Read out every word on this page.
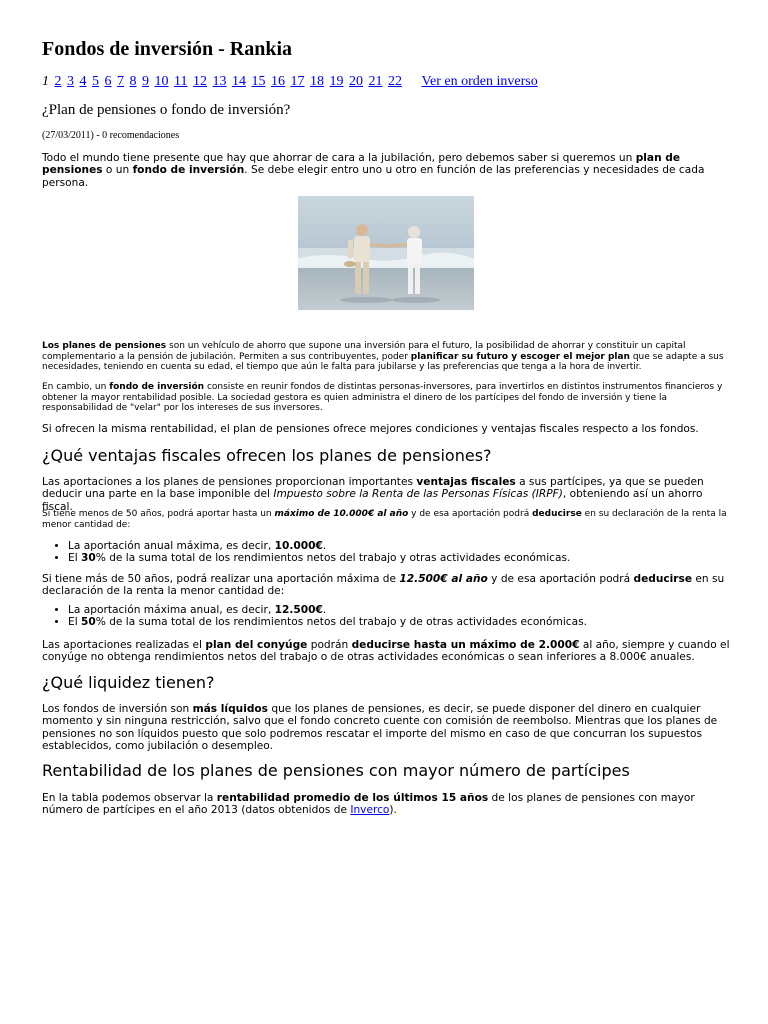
Fondos de inversión - Rankia
1 2 3 4 5 6 7 8 9 10 11 12 13 14 15 16 17 18 19 20 21 22 Ver en orden inverso
¿Plan de pensiones o fondo de inversión?
(27/03/2011) - 0 recomendaciones

Todo el mundo tiene presente que hay que ahorrar de cara a la jubilación, pero debemos saber si queremos un plan de pensiones o un fondo de inversión. Se debe elegir entro uno u otro en función de las preferencias y necesidades de cada persona.

Los planes de pensiones son un vehículo de ahorro que supone una inversión para el futuro, la posibilidad de ahorrar y constituir un capital complementario a la pensión de jubilación. Permiten a sus contribuyentes, poder planificar su futuro y escoger el mejor plan que se adapte a sus necesidades, teniendo en cuenta su edad, el tiempo que aún le falta para jubilarse y las preferencias que tenga a la hora de invertir.

En cambio, un fondo de inversión consiste en reunir fondos de distintas personas-inversores, para invertirlos en distintos instrumentos financieros y obtener la mayor rentabilidad posible. La sociedad gestora es quien administra el dinero de los partícipes del fondo de inversión y tiene la responsabilidad de "velar" por los intereses de sus inversores.

Si ofrecen la misma rentabilidad, el plan de pensiones ofrece mejores condiciones y ventajas fiscales respecto a los fondos.

¿Qué ventajas fiscales ofrecen los planes de pensiones?

Las aportaciones a los planes de pensiones proporcionan importantes ventajas fiscales a sus partícipes, ya que se pueden deducir una parte en la base imponible del Impuesto sobre la Renta de las Personas Físicas (IRPF), obteniendo así un ahorro fiscal.

Si tiene menos de 50 años, podrá aportar hasta un máximo de 10.000€ al año y de esa aportación podrá deducirse en su declaración de la renta la menor cantidad de:

• La aportación anual máxima, es decir, 10.000€.
• El 30% de la suma total de los rendimientos netos del trabajo y otras actividades económicas.

Si tiene más de 50 años, podrá realizar una aportación máxima de 12.500€ al año y de esa aportación podrá deducirse en su declaración de la renta la menor cantidad de:

• La aportación máxima anual, es decir, 12.500€.
• El 50% de la suma total de los rendimientos netos del trabajo y de otras actividades económicas.

Las aportaciones realizadas el plan del conyúge podrán deducirse hasta un máximo de 2.000€ al año, siempre y cuando el conyúge no obtenga rendimientos netos del trabajo o de otras actividades económicas o sean inferiores a 8.000€ anuales.

¿Qué liquidez tienen?

Los fondos de inversión son más líquidos que los planes de pensiones, es decir, se puede disponer del dinero en cualquier momento y sin ninguna restricción, salvo que el fondo concreto cuente con comisión de reembolso. Mientras que los planes de pensiones no son líquidos puesto que solo podremos rescatar el importe del mismo en caso de que concurran los supuestos establecidos, como jubilación o desempleo.

Rentabilidad de los planes de pensiones con mayor número de partícipes

En la tabla podemos observar la rentabilidad promedio de los últimos 15 años de los planes de pensiones con mayor número de partícipes en el año 2013 (datos obtenidos de Inverco).
